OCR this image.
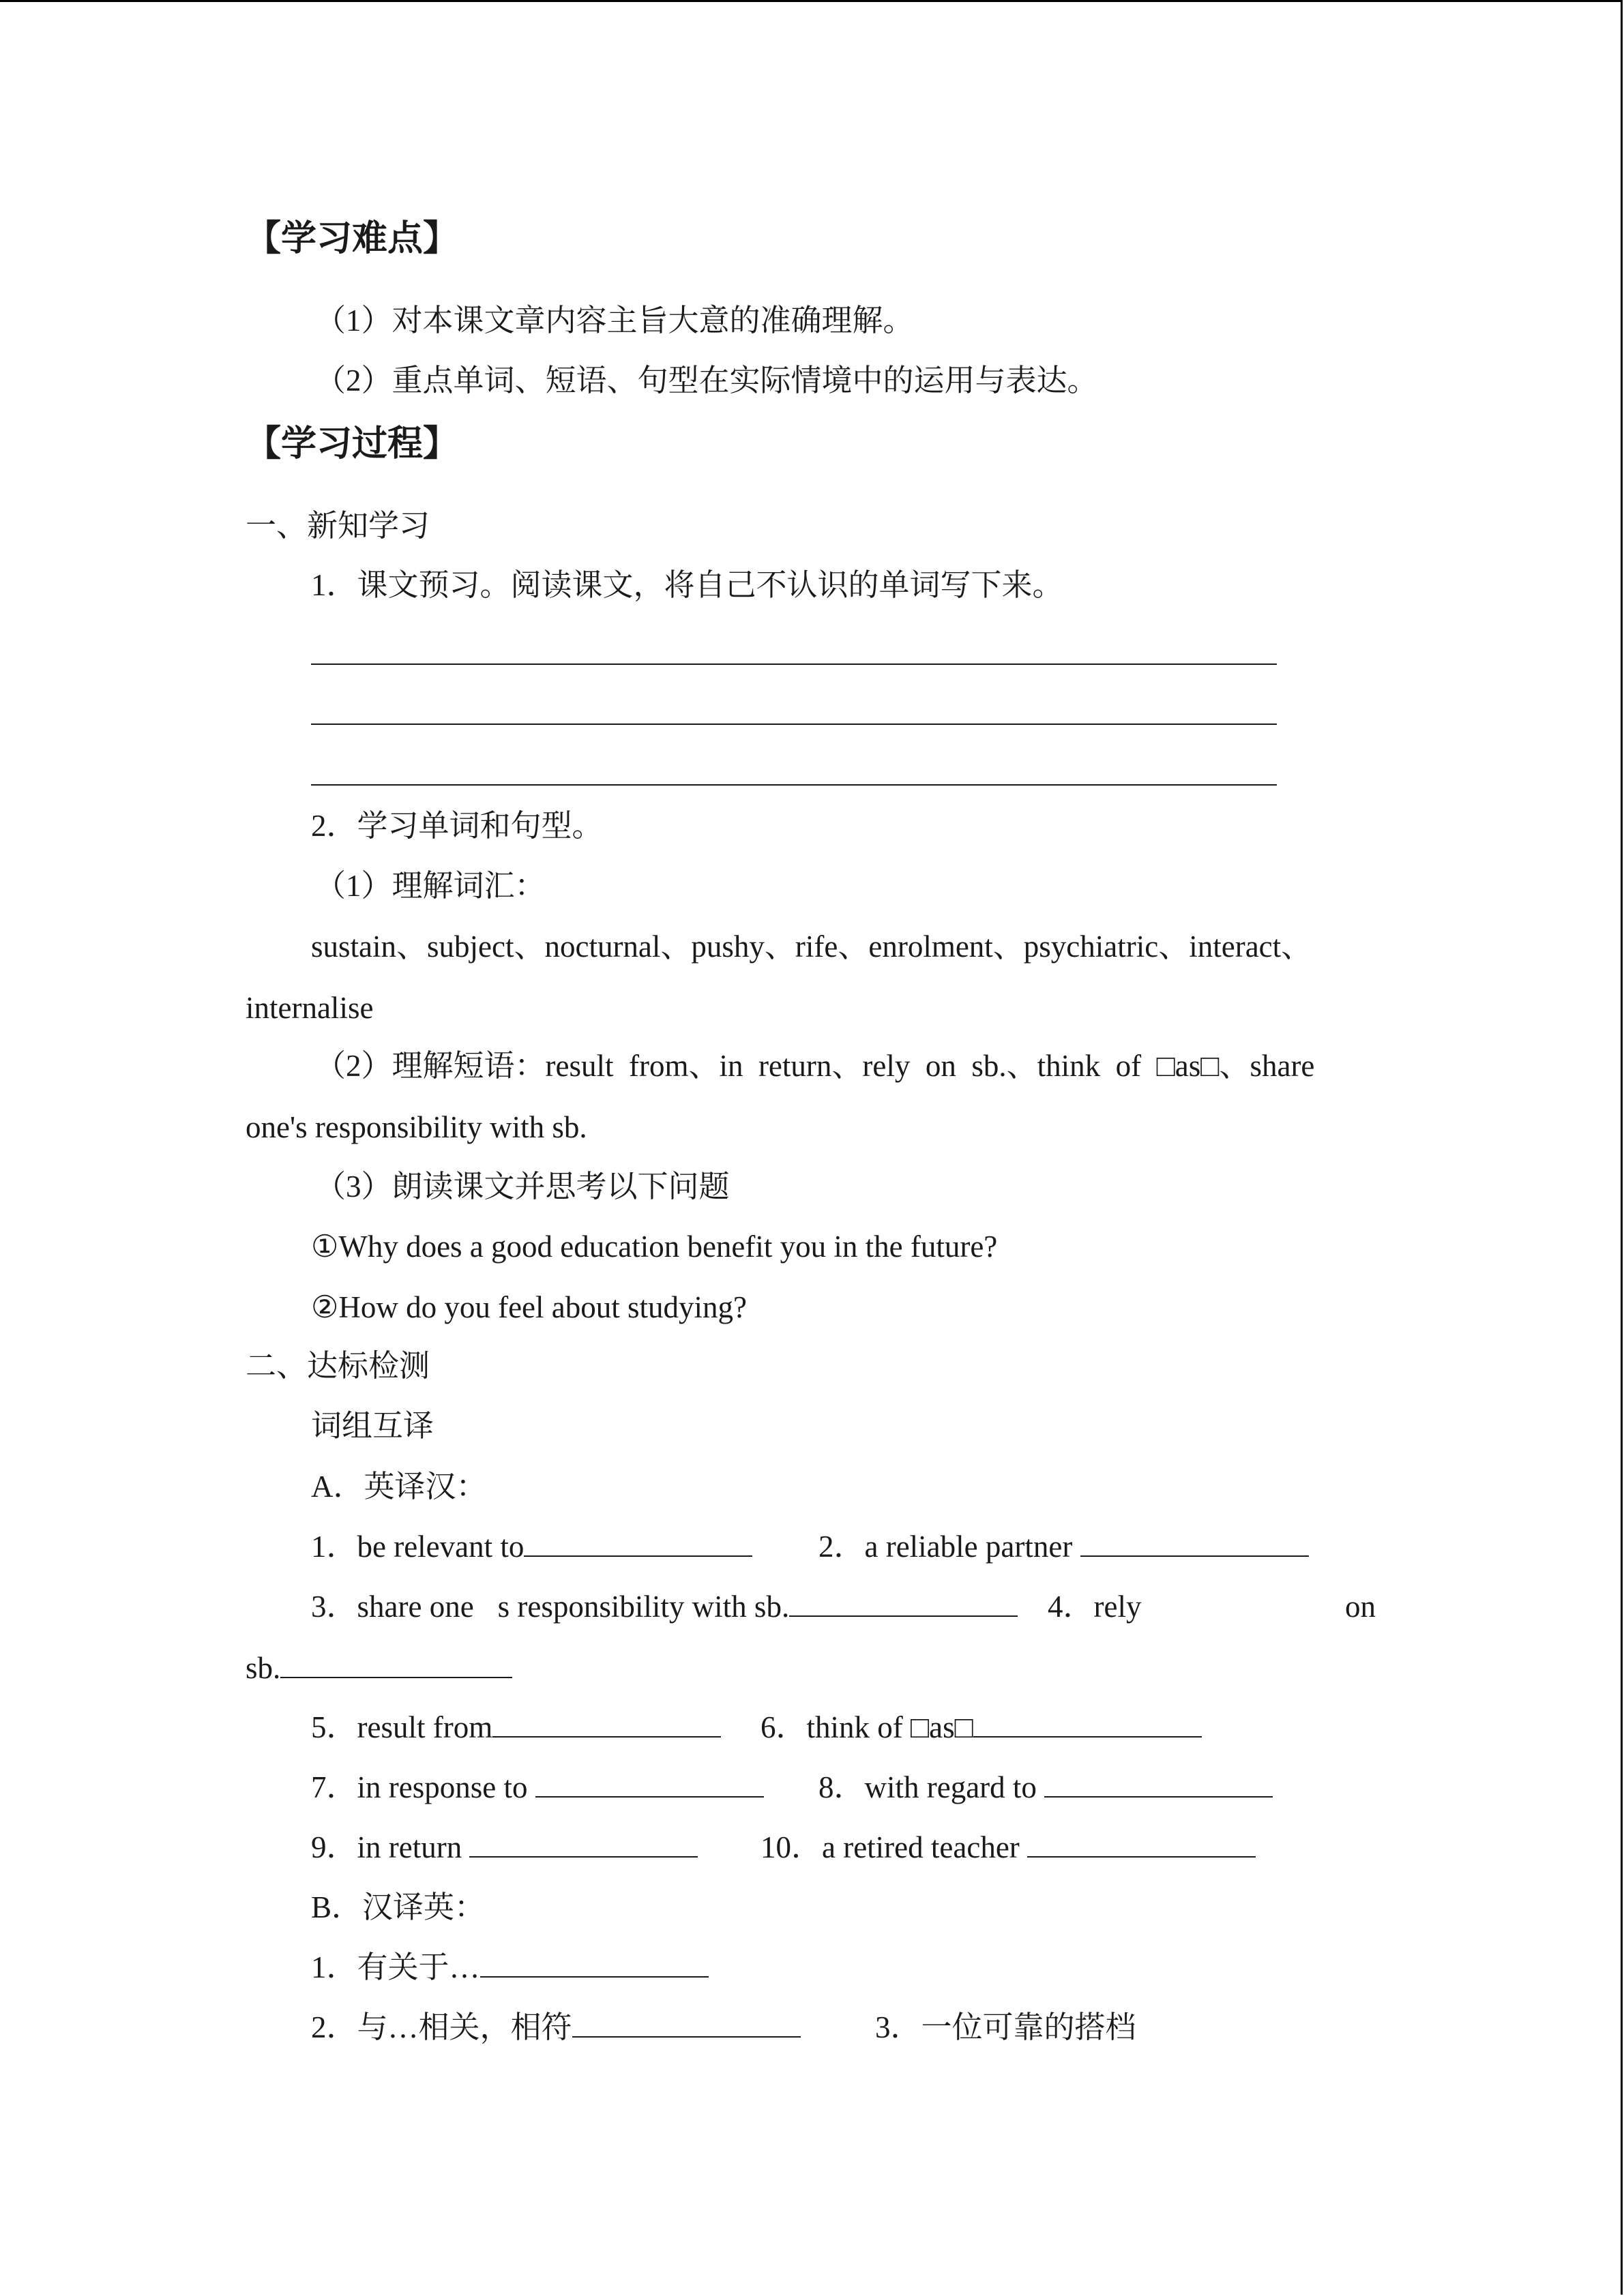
【学习难点】
（1）对本课文章内容主旨大意的准确理解。
（2）重点单词、短语、句型在实际情境中的运用与表达。
【学习过程】
一、新知学习
1．课文预习。阅读课文，将自己不认识的单词写下来。
2．学习单词和句型。
（1）理解词汇：
sustain、subject、nocturnal、pushy、rife、enrolment、psychiatric、interact、
internalise
（2）理解短语：result  from、in  return、rely  on  sb.、think  of  □as□、share
one's responsibility with sb.
（3）朗读课文并思考以下问题
①Why does a good education benefit you in the future?
②How do you feel about studying?
二、达标检测
词组互译
A．英译汉：
1．be relevant to	2．a reliable partner
3．share one s responsibility with sb.	4．rely	on
sb.
5．result from	6．think of □as□
7．in response to	8．with regard to
9．in return	10．a retired teacher
B．汉译英：
1．有关于…
2．与…相关，相符	3．一位可靠的搭档
